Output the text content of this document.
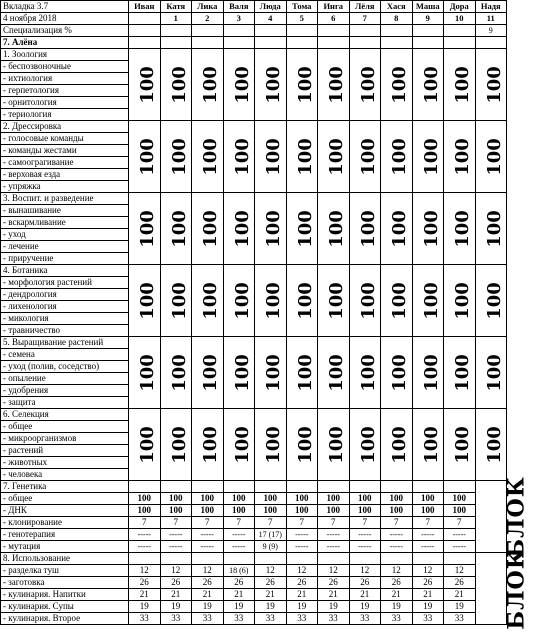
Вкладка 3.7	Иван	Катя	Лика	Валя	Люда	Тома	Инга	Лёля	Хася	Маша	Дора	Надя
4 ноября 2018		1	2	3	4	5	6	7	8	9	10	11
Специализация %												9
7. Алёна												
1. Зоология	100	100	100	100	100	100	100	100	100	100	100	100
- беспозвоночные												
- ихтиология												
- герпетология												
- орнитология												
- териология												
2. Дрессировка	100	100	100	100	100	100	100	100	100	100	100	100
- голосовые команды												
- команды жестами												
- самоограгивание												
- верховая езда												
- упряжка												
3. Воспит. и разведение	100	100	100	100	100	100	100	100	100	100	100	100
- вынашивание												
- вскармливание												
- уход												
- лечение												
- приручение												
4. Ботаника	100	100	100	100	100	100	100	100	100	100	100	100
- морфология растений												
- дендрология												
- лихенология												
- микология												
- травничество												
5. Выращивание растений	100	100	100	100	100	100	100	100	100	100	100	100
- семена												
- уход (полив, соседство)												
- опыление												
- удобрения												
- защита												
6. Селекция	100	100	100	100	100	100	100	100	100	100	100	100
- общее												
- микроорганизмов												
- растений												
- животных												
- человека												
7. Генетика												БЛОК
- общее	100	100	100	100	100	100	100	100	100	100	100	
- ДНК	100	100	100	100	100	100	100	100	100	100	100	
- клонирование	7	7	7	7	7	7	7	7	7	7	7	
- генотерапия	-----	-----	-----	-----	17 (17)	-----	-----	-----	-----	-----	-----	
- мутация	-----	-----	-----	-----	9 (9)	-----	-----	-----	-----	-----	-----	
8. Использование												БЛОК
- разделка туш	12	12	12	18 (6)	12	12	12	12	12	12	12	
- заготовка	26	26	26	26	26	26	26	26	26	26	26	
- кулинария. Напитки	21	21	21	21	21	21	21	21	21	21	21	
- кулинария. Супы	19	19	19	19	19	19	19	19	19	19	19	
- кулинария. Второе	33	33	33	33	33	33	33	33	33	33	33	
